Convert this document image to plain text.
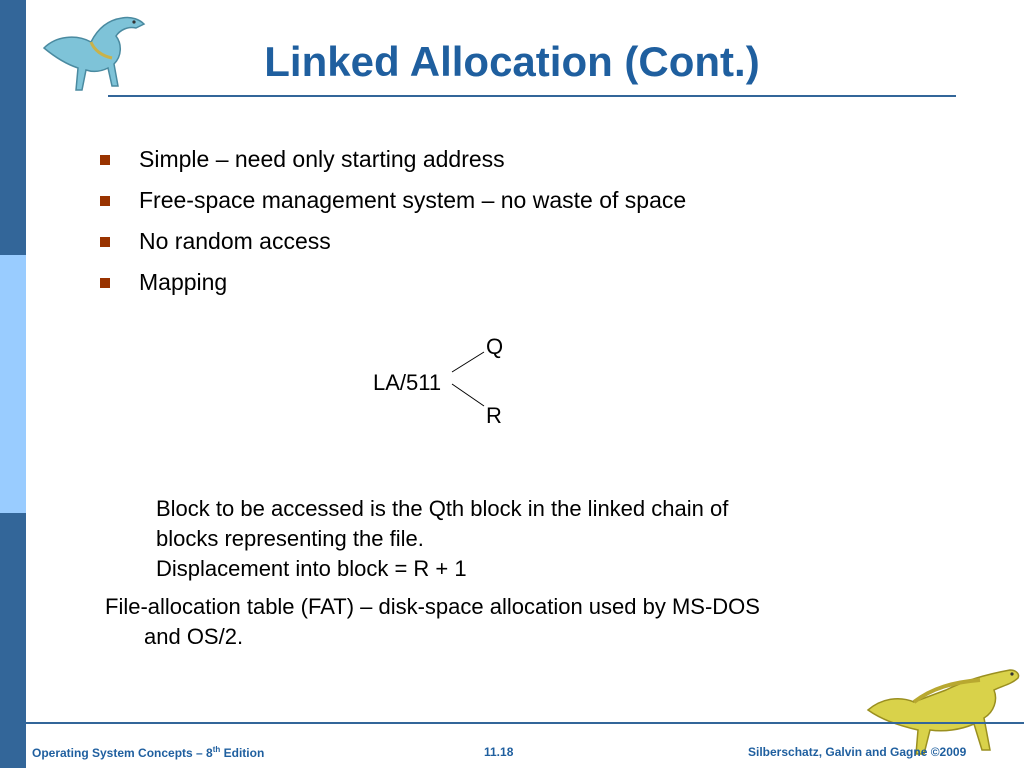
Linked Allocation (Cont.)
Simple – need only starting address
Free-space management system – no waste of space
No random access
Mapping
Q
LA/511
R
Block to be accessed is the Qth block in the linked chain of
blocks representing the file.
Displacement into block = R + 1
File-allocation table (FAT) – disk-space allocation used by MS-DOS
and OS/2.
Operating System Concepts – 8th Edition	11.18	Silberschatz, Galvin and Gagne ©2009
